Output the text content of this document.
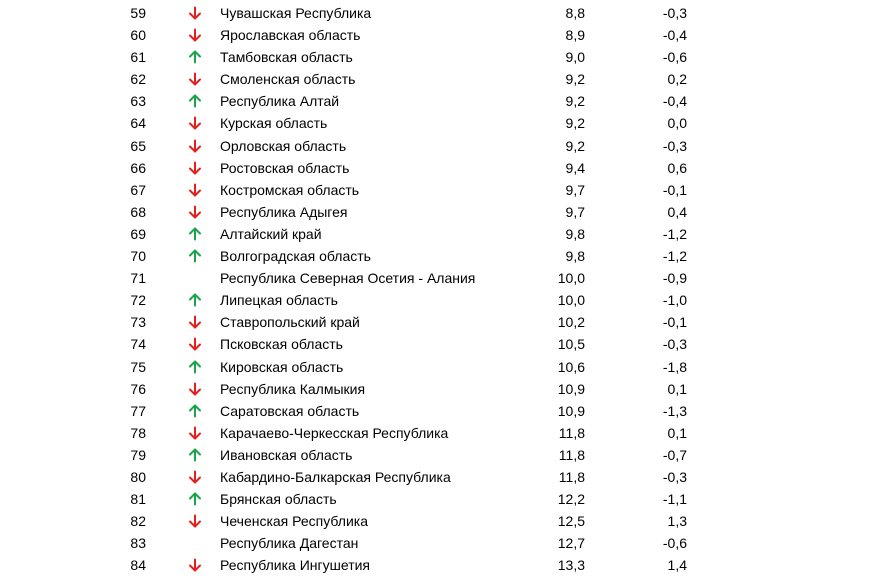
59	Чувашская Республика	8,8	-0,3
60	Ярославская область	8,9	-0,4
61	Тамбовская область	9,0	-0,6
62	Смоленская область	9,2	0,2
63	Республика Алтай	9,2	-0,4
64	Курская область	9,2	0,0
65	Орловская область	9,2	-0,3
66	Ростовская область	9,4	0,6
67	Костромская область	9,7	-0,1
68	Республика Адыгея	9,7	0,4
69	Алтайский край	9,8	-1,2
70	Волгоградская область	9,8	-1,2
71	Республика Северная Осетия - Алания	10,0	-0,9
72	Липецкая область	10,0	-1,0
73	Ставропольский край	10,2	-0,1
74	Псковская область	10,5	-0,3
75	Кировская область	10,6	-1,8
76	Республика Калмыкия	10,9	0,1
77	Саратовская область	10,9	-1,3
78	Карачаево-Черкесская Республика	11,8	0,1
79	Ивановская область	11,8	-0,7
80	Кабардино-Балкарская Республика	11,8	-0,3
81	Брянская область	12,2	-1,1
82	Чеченская Республика	12,5	1,3
83	Республика Дагестан	12,7	-0,6
84	Республика Ингушетия	13,3	1,4
